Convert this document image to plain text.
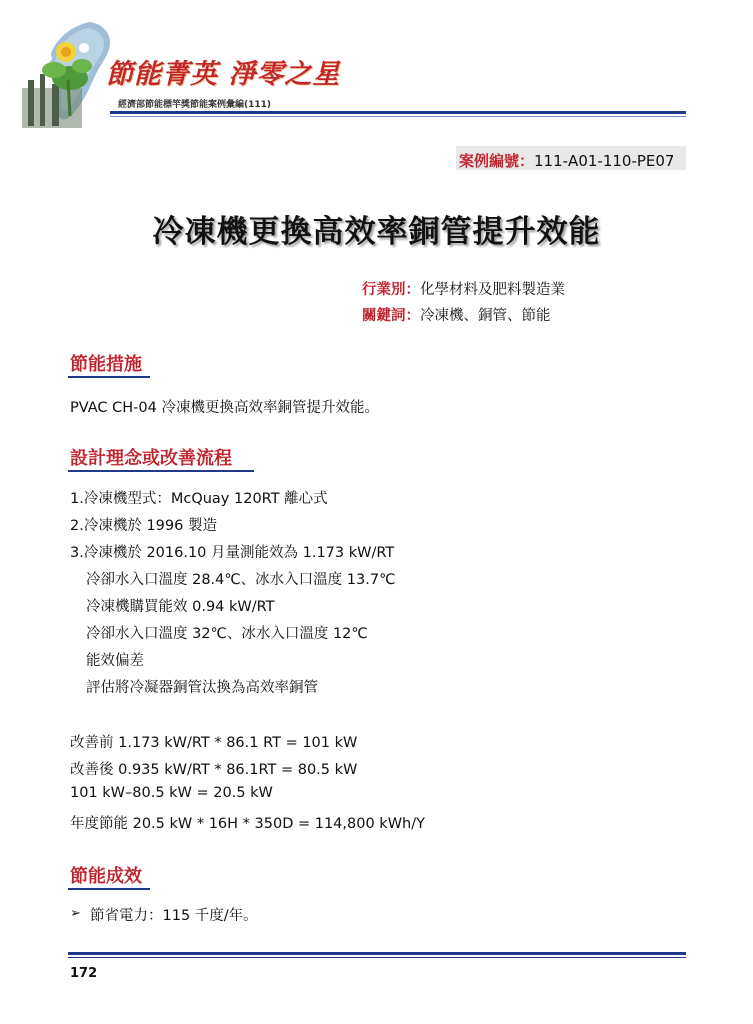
節能菁英 淨零之星
經濟部節能標竿獎節能案例彙編(111)
案例編號：111-A01-110-PE07
冷凍機更換高效率銅管提升效能
行業別：化學材料及肥料製造業
關鍵詞：冷凍機、銅管、節能
節能措施
PVAC CH-04 冷凍機更換高效率銅管提升效能。
設計理念或改善流程
1.冷凍機型式：McQuay 120RT 離心式
2.冷凍機於 1996 製造
3.冷凍機於 2016.10 月量測能效為 1.173 kW/RT
冷卻水入口溫度 28.4℃、冰水入口溫度 13.7℃
冷凍機購買能效 0.94 kW/RT
冷卻水入口溫度 32℃、冰水入口溫度 12℃
能效偏差
評估將冷凝器銅管汰換為高效率銅管
改善前 1.173 kW/RT * 86.1 RT = 101 kW
改善後 0.935 kW/RT * 86.1RT = 80.5 kW
101 kW–80.5 kW = 20.5 kW
年度節能 20.5 kW * 16H * 350D = 114,800 kWh/Y
節能成效
➢ 節省電力：115 千度/年。
172
